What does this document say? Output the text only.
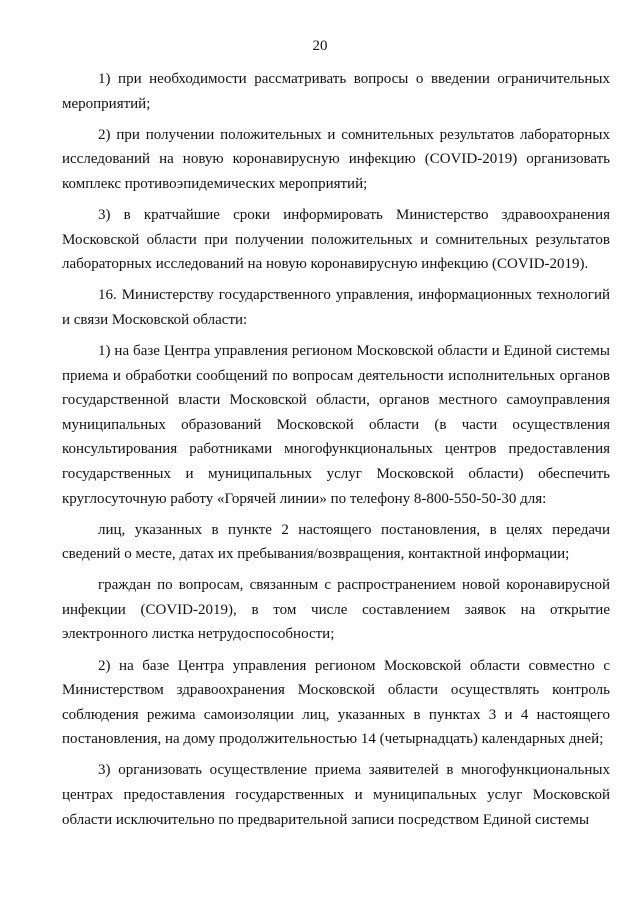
20

1) при необходимости рассматривать вопросы о введении ограничительных мероприятий;

2) при получении положительных и сомнительных результатов лабораторных исследований на новую коронавирусную инфекцию (COVID-2019) организовать комплекс противоэпидемических мероприятий;

3) в кратчайшие сроки информировать Министерство здравоохранения Московской области при получении положительных и сомнительных результатов лабораторных исследований на новую коронавирусную инфекцию (COVID-2019).

16. Министерству государственного управления, информационных технологий и связи Московской области:

1) на базе Центра управления регионом Московской области и Единой системы приема и обработки сообщений по вопросам деятельности исполнительных органов государственной власти Московской области, органов местного самоуправления муниципальных образований Московской области (в части осуществления консультирования работниками многофункциональных центров предоставления государственных и муниципальных услуг Московской области) обеспечить круглосуточную работу «Горячей линии» по телефону 8-800-550-50-30 для:

лиц, указанных в пункте 2 настоящего постановления, в целях передачи сведений о месте, датах их пребывания/возвращения, контактной информации;

граждан по вопросам, связанным с распространением новой коронавирусной инфекции (COVID-2019), в том числе составлением заявок на открытие электронного листка нетрудоспособности;

2) на базе Центра управления регионом Московской области совместно с Министерством здравоохранения Московской области осуществлять контроль соблюдения режима самоизоляции лиц, указанных в пунктах 3 и 4 настоящего постановления, на дому продолжительностью 14 (четырнадцать) календарных дней;

3) организовать осуществление приема заявителей в многофункциональных центрах предоставления государственных и муниципальных услуг Московской области исключительно по предварительной записи посредством Единой системы
